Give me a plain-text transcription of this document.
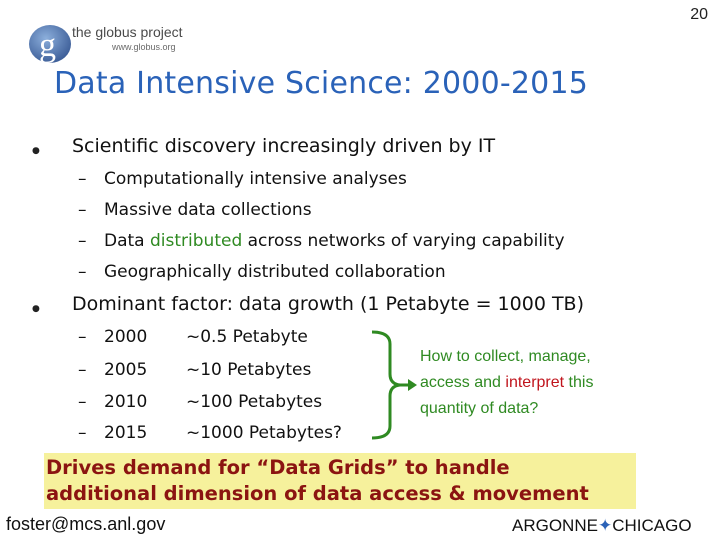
g the globus project
www.globus.org
20
Data Intensive Science: 2000-2015
● Scientific discovery increasingly driven by IT
– Computationally intensive analyses
– Massive data collections
– Data distributed across networks of varying capability
– Geographically distributed collaboration
● Dominant factor: data growth (1 Petabyte = 1000 TB)
– 2000 ~0.5 Petabyte
– 2005 ~10 Petabytes
– 2010 ~100 Petabytes
– 2015 ~1000 Petabytes?
How to collect, manage,
access and interpret this
quantity of data?
Drives demand for “Data Grids” to handle
additional dimension of data access & movement
foster@mcs.anl.gov	ARGONNE✦CHICAGO
